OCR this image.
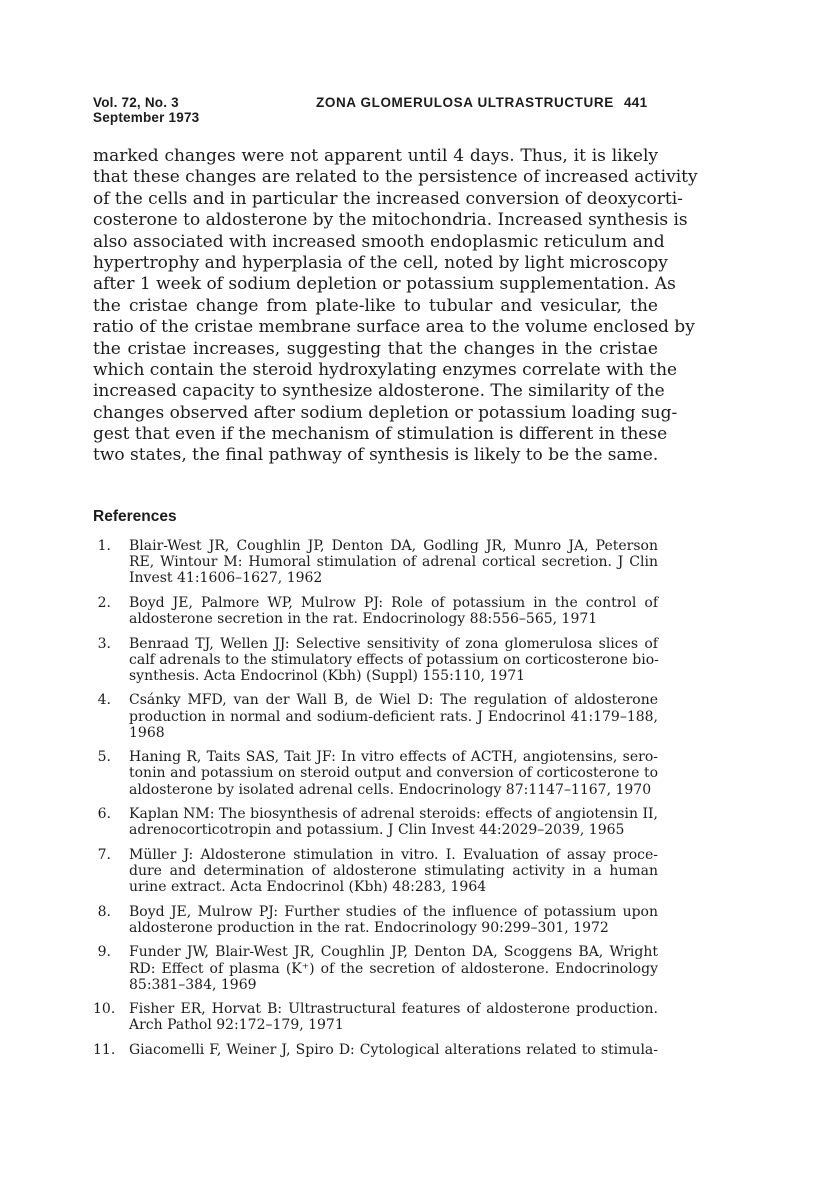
Vol. 72, No. 3
September 1973
ZONA GLOMERULOSA ULTRASTRUCTURE 441
marked changes were not apparent until 4 days. Thus, it is likely
that these changes are related to the persistence of increased activity
of the cells and in particular the increased conversion of deoxycorti-
costerone to aldosterone by the mitochondria. Increased synthesis is
also associated with increased smooth endoplasmic reticulum and
hypertrophy and hyperplasia of the cell, noted by light microscopy
after 1 week of sodium depletion or potassium supplementation. As
the cristae change from plate-like to tubular and vesicular, the
ratio of the cristae membrane surface area to the volume enclosed by
the cristae increases, suggesting that the changes in the cristae
which contain the steroid hydroxylating enzymes correlate with the
increased capacity to synthesize aldosterone. The similarity of the
changes observed after sodium depletion or potassium loading sug-
gest that even if the mechanism of stimulation is different in these
two states, the final pathway of synthesis is likely to be the same.
References
1. Blair-West JR, Coughlin JP, Denton DA, Godling JR, Munro JA, Peterson
RE, Wintour M: Humoral stimulation of adrenal cortical secretion. J Clin
Invest 41:1606–1627, 1962
2. Boyd JE, Palmore WP, Mulrow PJ: Role of potassium in the control of
aldosterone secretion in the rat. Endocrinology 88:556–565, 1971
3. Benraad TJ, Wellen JJ: Selective sensitivity of zona glomerulosa slices of
calf adrenals to the stimulatory effects of potassium on corticosterone bio-
synthesis. Acta Endocrinol (Kbh) (Suppl) 155:110, 1971
4. Csánky MFD, van der Wall B, de Wiel D: The regulation of aldosterone
production in normal and sodium-deficient rats. J Endocrinol 41:179–188,
1968
5. Haning R, Taits SAS, Tait JF: In vitro effects of ACTH, angiotensins, sero-
tonin and potassium on steroid output and conversion of corticosterone to
aldosterone by isolated adrenal cells. Endocrinology 87:1147–1167, 1970
6. Kaplan NM: The biosynthesis of adrenal steroids: effects of angiotensin II,
adrenocorticotropin and potassium. J Clin Invest 44:2029–2039, 1965
7. Müller J: Aldosterone stimulation in vitro. I. Evaluation of assay proce-
dure and determination of aldosterone stimulating activity in a human
urine extract. Acta Endocrinol (Kbh) 48:283, 1964
8. Boyd JE, Mulrow PJ: Further studies of the influence of potassium upon
aldosterone production in the rat. Endocrinology 90:299–301, 1972
9. Funder JW, Blair-West JR, Coughlin JP, Denton DA, Scoggens BA, Wright
RD: Effect of plasma (K⁺) of the secretion of aldosterone. Endocrinology
85:381–384, 1969
10. Fisher ER, Horvat B: Ultrastructural features of aldosterone production.
Arch Pathol 92:172–179, 1971
11. Giacomelli F, Weiner J, Spiro D: Cytological alterations related to stimula-
